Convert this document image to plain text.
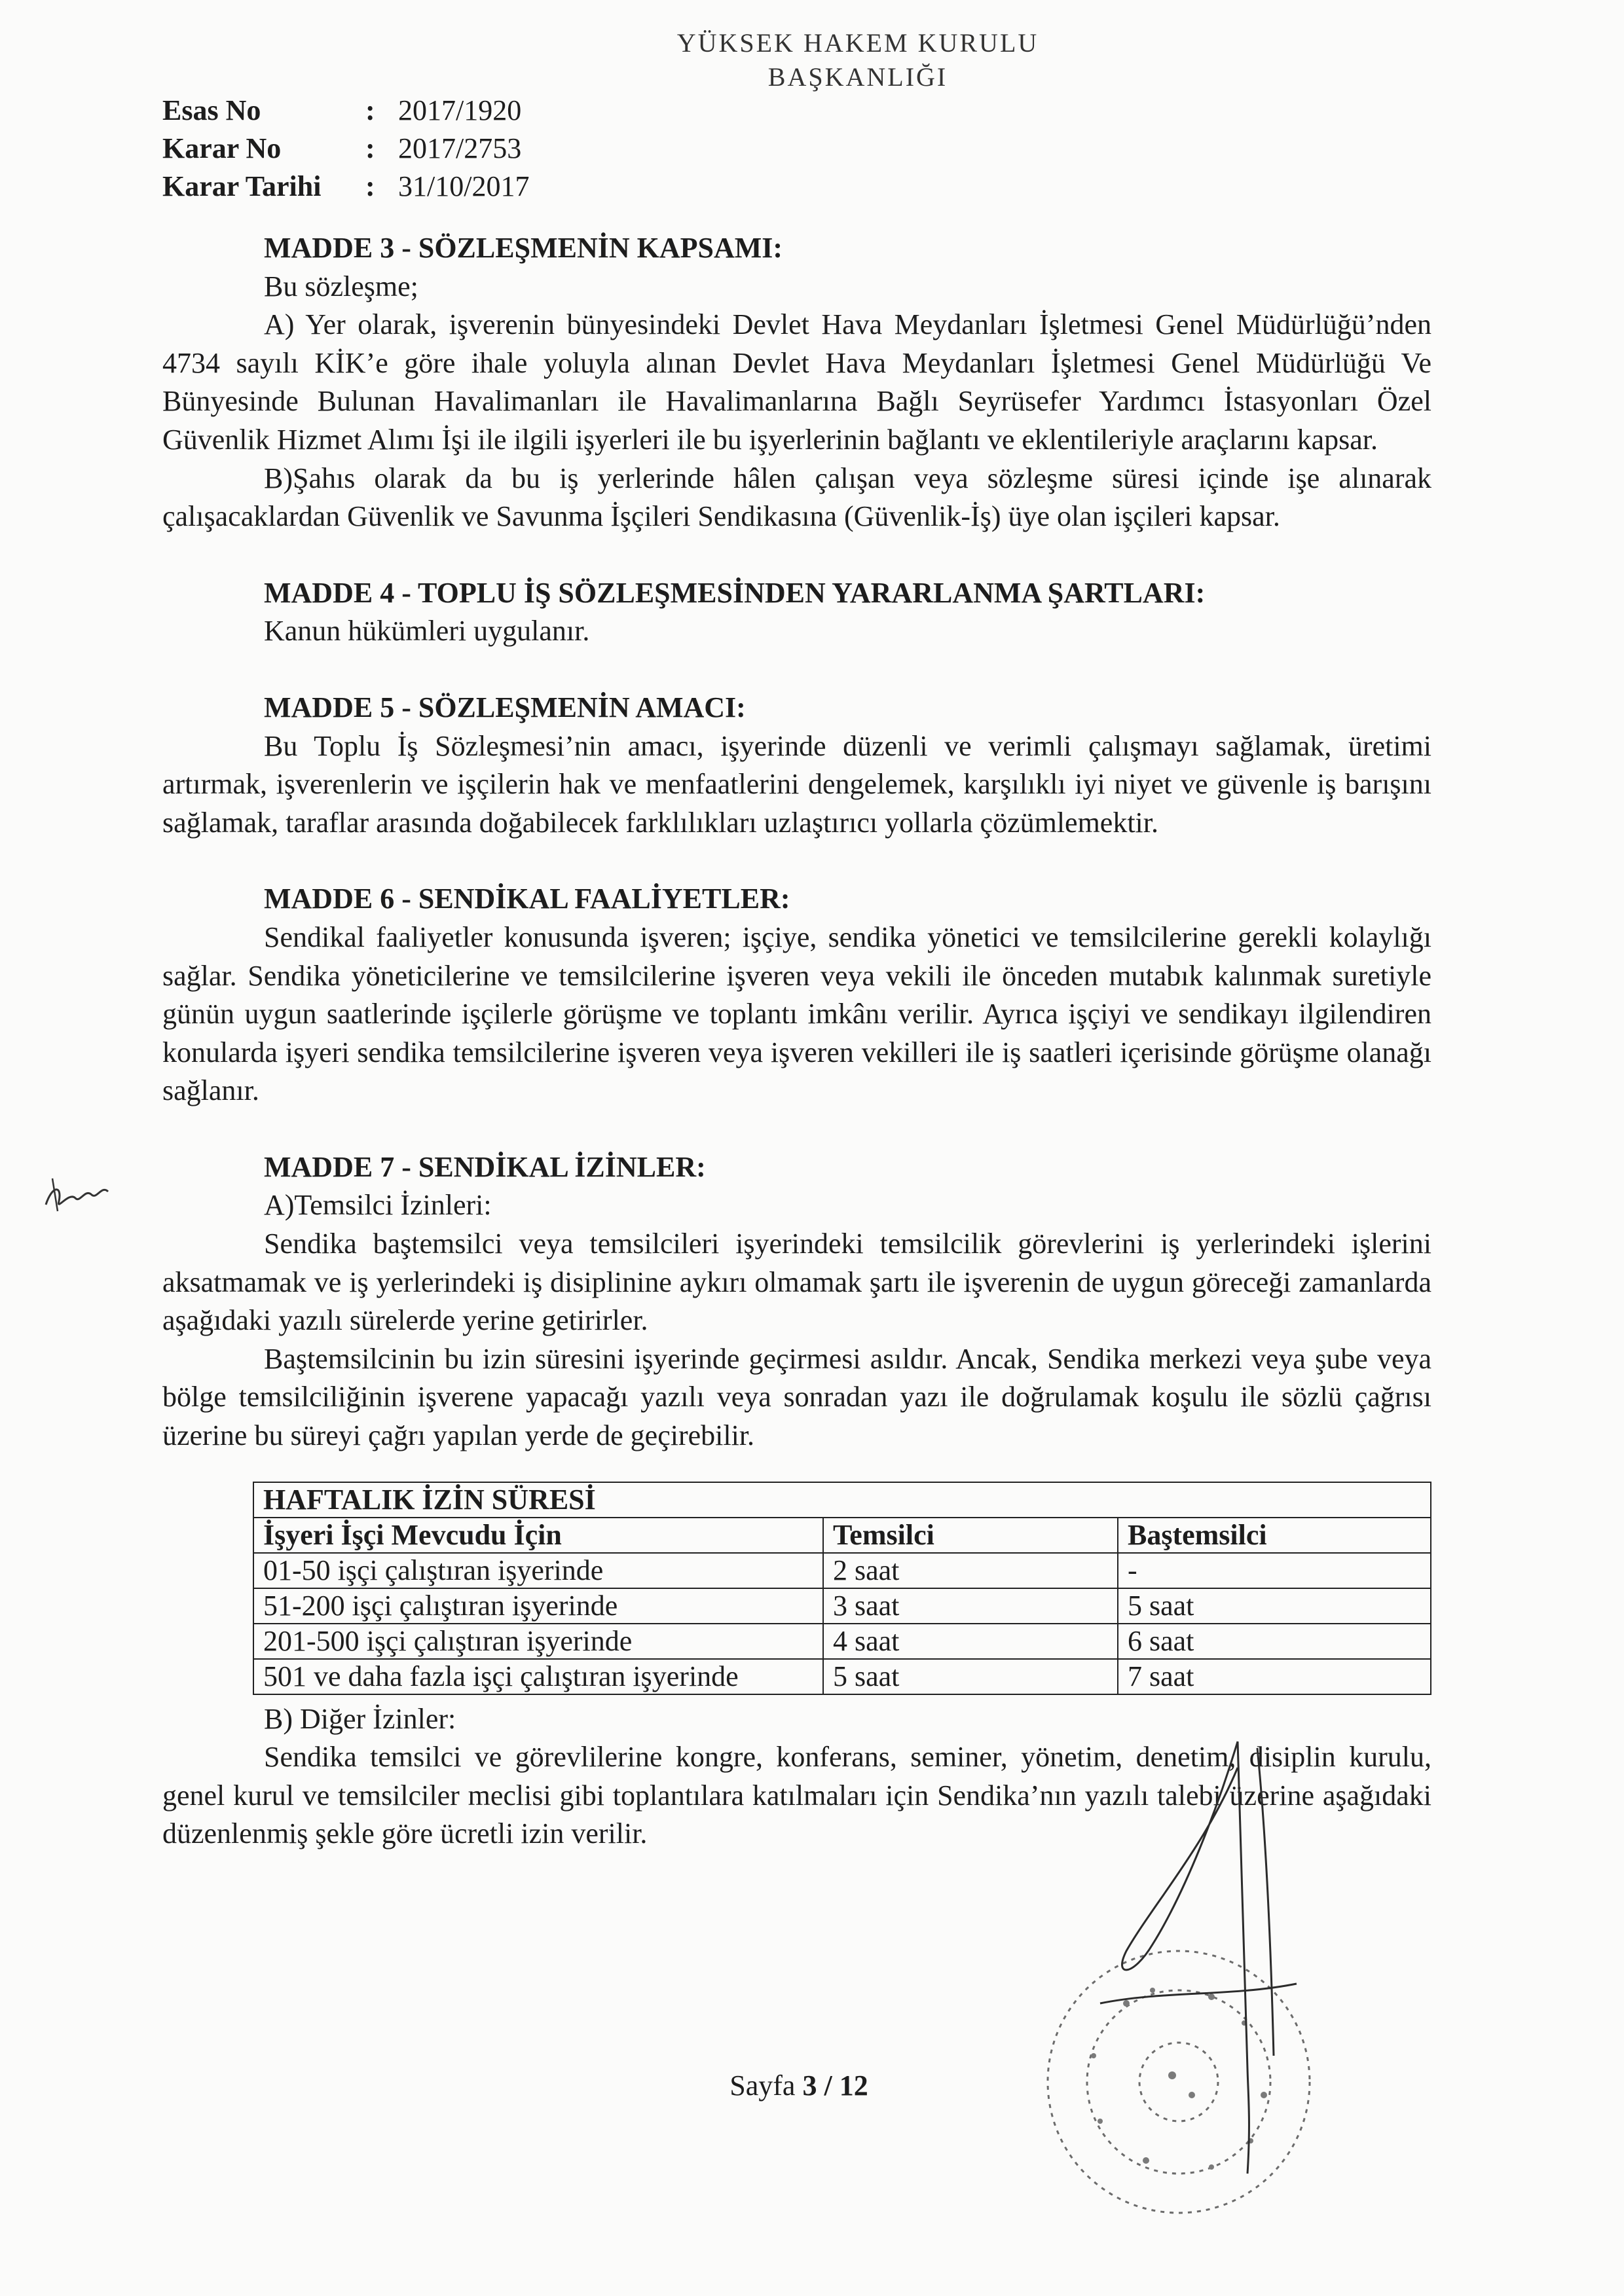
YÜKSEK HAKEM KURULU
BAŞKANLIĞI
Esas No	: 2017/1920
Karar No	: 2017/2753
Karar Tarihi	: 31/10/2017

MADDE 3 - SÖZLEŞMENİN KAPSAMI:

Bu sözleşme;

A) Yer olarak, işverenin bünyesindeki Devlet Hava Meydanları İşletmesi Genel Müdürlüğü’nden 4734 sayılı KİK’e göre ihale yoluyla alınan Devlet Hava Meydanları İşletmesi Genel Müdürlüğü Ve Bünyesinde Bulunan Havalimanları ile Havalimanlarına Bağlı Seyrüsefer Yardımcı İstasyonları Özel Güvenlik Hizmet Alımı İşi ile ilgili işyerleri ile bu işyerlerinin bağlantı ve eklentileriyle araçlarını kapsar.

B)Şahıs olarak da bu iş yerlerinde hâlen çalışan veya sözleşme süresi içinde işe alınarak çalışacaklardan Güvenlik ve Savunma İşçileri Sendikasına (Güvenlik-İş) üye olan işçileri kapsar.

MADDE 4 - TOPLU İŞ SÖZLEŞMESİNDEN YARARLANMA ŞARTLARI:

Kanun hükümleri uygulanır.

MADDE 5 - SÖZLEŞMENİN AMACI:

Bu Toplu İş Sözleşmesi’nin amacı, işyerinde düzenli ve verimli çalışmayı sağlamak, üretimi artırmak, işverenlerin ve işçilerin hak ve menfaatlerini dengelemek, karşılıklı iyi niyet ve güvenle iş barışını sağlamak, taraflar arasında doğabilecek farklılıkları uzlaştırıcı yollarla çözümlemektir.

MADDE 6 - SENDİKAL FAALİYETLER:

Sendikal faaliyetler konusunda işveren; işçiye, sendika yönetici ve temsilcilerine gerekli kolaylığı sağlar. Sendika yöneticilerine ve temsilcilerine işveren veya vekili ile önceden mutabık kalınmak suretiyle günün uygun saatlerinde işçilerle görüşme ve toplantı imkânı verilir. Ayrıca işçiyi ve sendikayı ilgilendiren konularda işyeri sendika temsilcilerine işveren veya işveren vekilleri ile iş saatleri içerisinde görüşme olanağı sağlanır.

MADDE 7 - SENDİKAL İZİNLER:

A)Temsilci İzinleri:

Sendika baştemsilci veya temsilcileri işyerindeki temsilcilik görevlerini iş yerlerindeki işlerini aksatmamak ve iş yerlerindeki iş disiplinine aykırı olmamak şartı ile işverenin de uygun göreceği zamanlarda aşağıdaki yazılı sürelerde yerine getirirler.

Baştemsilcinin bu izin süresini işyerinde geçirmesi asıldır. Ancak, Sendika merkezi veya şube veya bölge temsilciliğinin işverene yapacağı yazılı veya sonradan yazı ile doğrulamak koşulu ile sözlü çağrısı üzerine bu süreyi çağrı yapılan yerde de geçirebilir.

HAFTALIK İZİN SÜRESİ		
İşyeri İşçi Mevcudu İçin	Temsilci	Baştemsilci
01-50 işçi çalıştıran işyerinde	2 saat	-
51-200 işçi çalıştıran işyerinde	3 saat	5 saat
201-500 işçi çalıştıran işyerinde	4 saat	6 saat
501 ve daha fazla işçi çalıştıran işyerinde	5 saat	7 saat

B) Diğer İzinler:

Sendika temsilci ve görevlilerine kongre, konferans, seminer, yönetim, denetim, disiplin kurulu, genel kurul ve temsilciler meclisi gibi toplantılara katılmaları için Sendika’nın yazılı talebi üzerine aşağıdaki düzenlenmiş şekle göre ücretli izin verilir.

Sayfa 3 / 12
